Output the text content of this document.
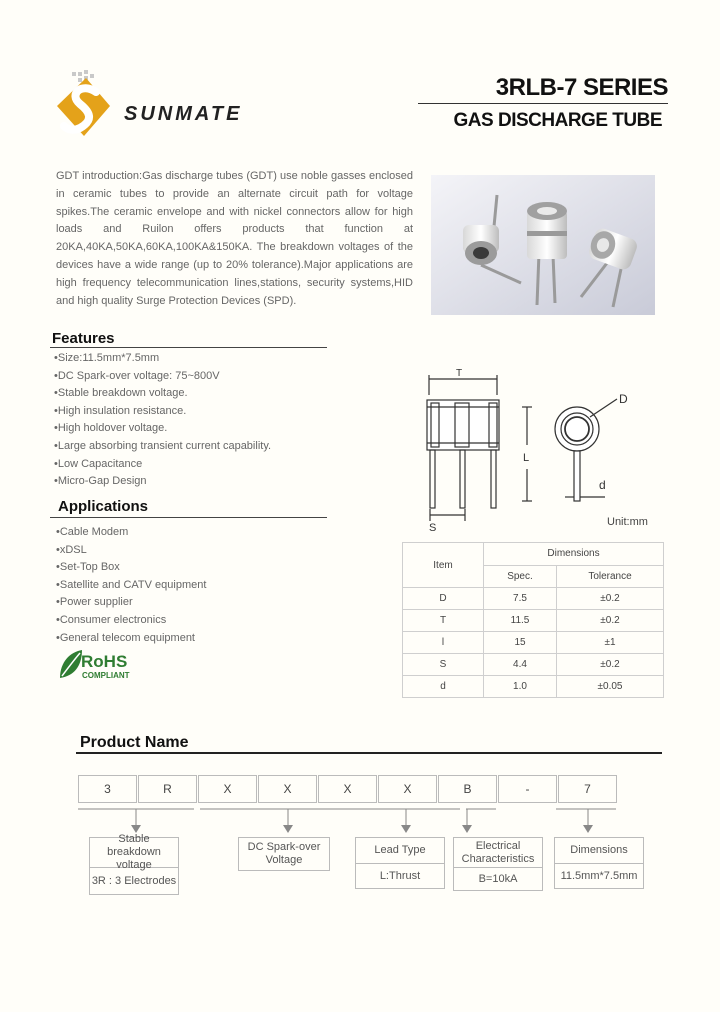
SUNMATE
3RLB-7 SERIES
GAS DISCHARGE TUBE
GDT introduction:Gas discharge tubes (GDT) use noble gasses enclosed in ceramic tubes to provide an alternate circuit path for voltage spikes.The ceramic envelope and with nickel connectors allow for high loads and Ruilon offers products that function at 20KA,40KA,50KA,60KA,100KA&150KA. The breakdown voltages of the devices have a wide range (up to 20% tolerance).Major applications are high frequency telecommunication lines,stations, security systems,HID and high quality Surge Protection Devices (SPD).
Features
• Size:11.5mm*7.5mm
• DC Spark-over voltage: 75~800V
• Stable breakdown voltage.
• High insulation resistance.
• High holdover voltage.
• Large absorbing transient current capability.
• Low Capacitance
• Micro-Gap Design
Applications
• Cable Modem
• xDSL
• Set-Top Box
• Satellite and CATV equipment
• Power supplier
• Consumer electronics
• General telecom equipment
T
L
S
D
d
Unit:mm
Item	Dimensions	
	Spec.	Tolerance
D	7.5	±0.2
T	11.5	±0.2
l	15	±1
S	4.4	±0.2
d	1.0	±0.05
RoHS
COMPLIANT
Product Name
3	R	X	X	X	X	B	-	7
Stable breakdown voltage
3R : 3 Electrodes
DC Spark-over Voltage
Lead Type
L:Thrust
Electrical Characteristics
B=10kA
Dimensions
11.5mm*7.5mm
